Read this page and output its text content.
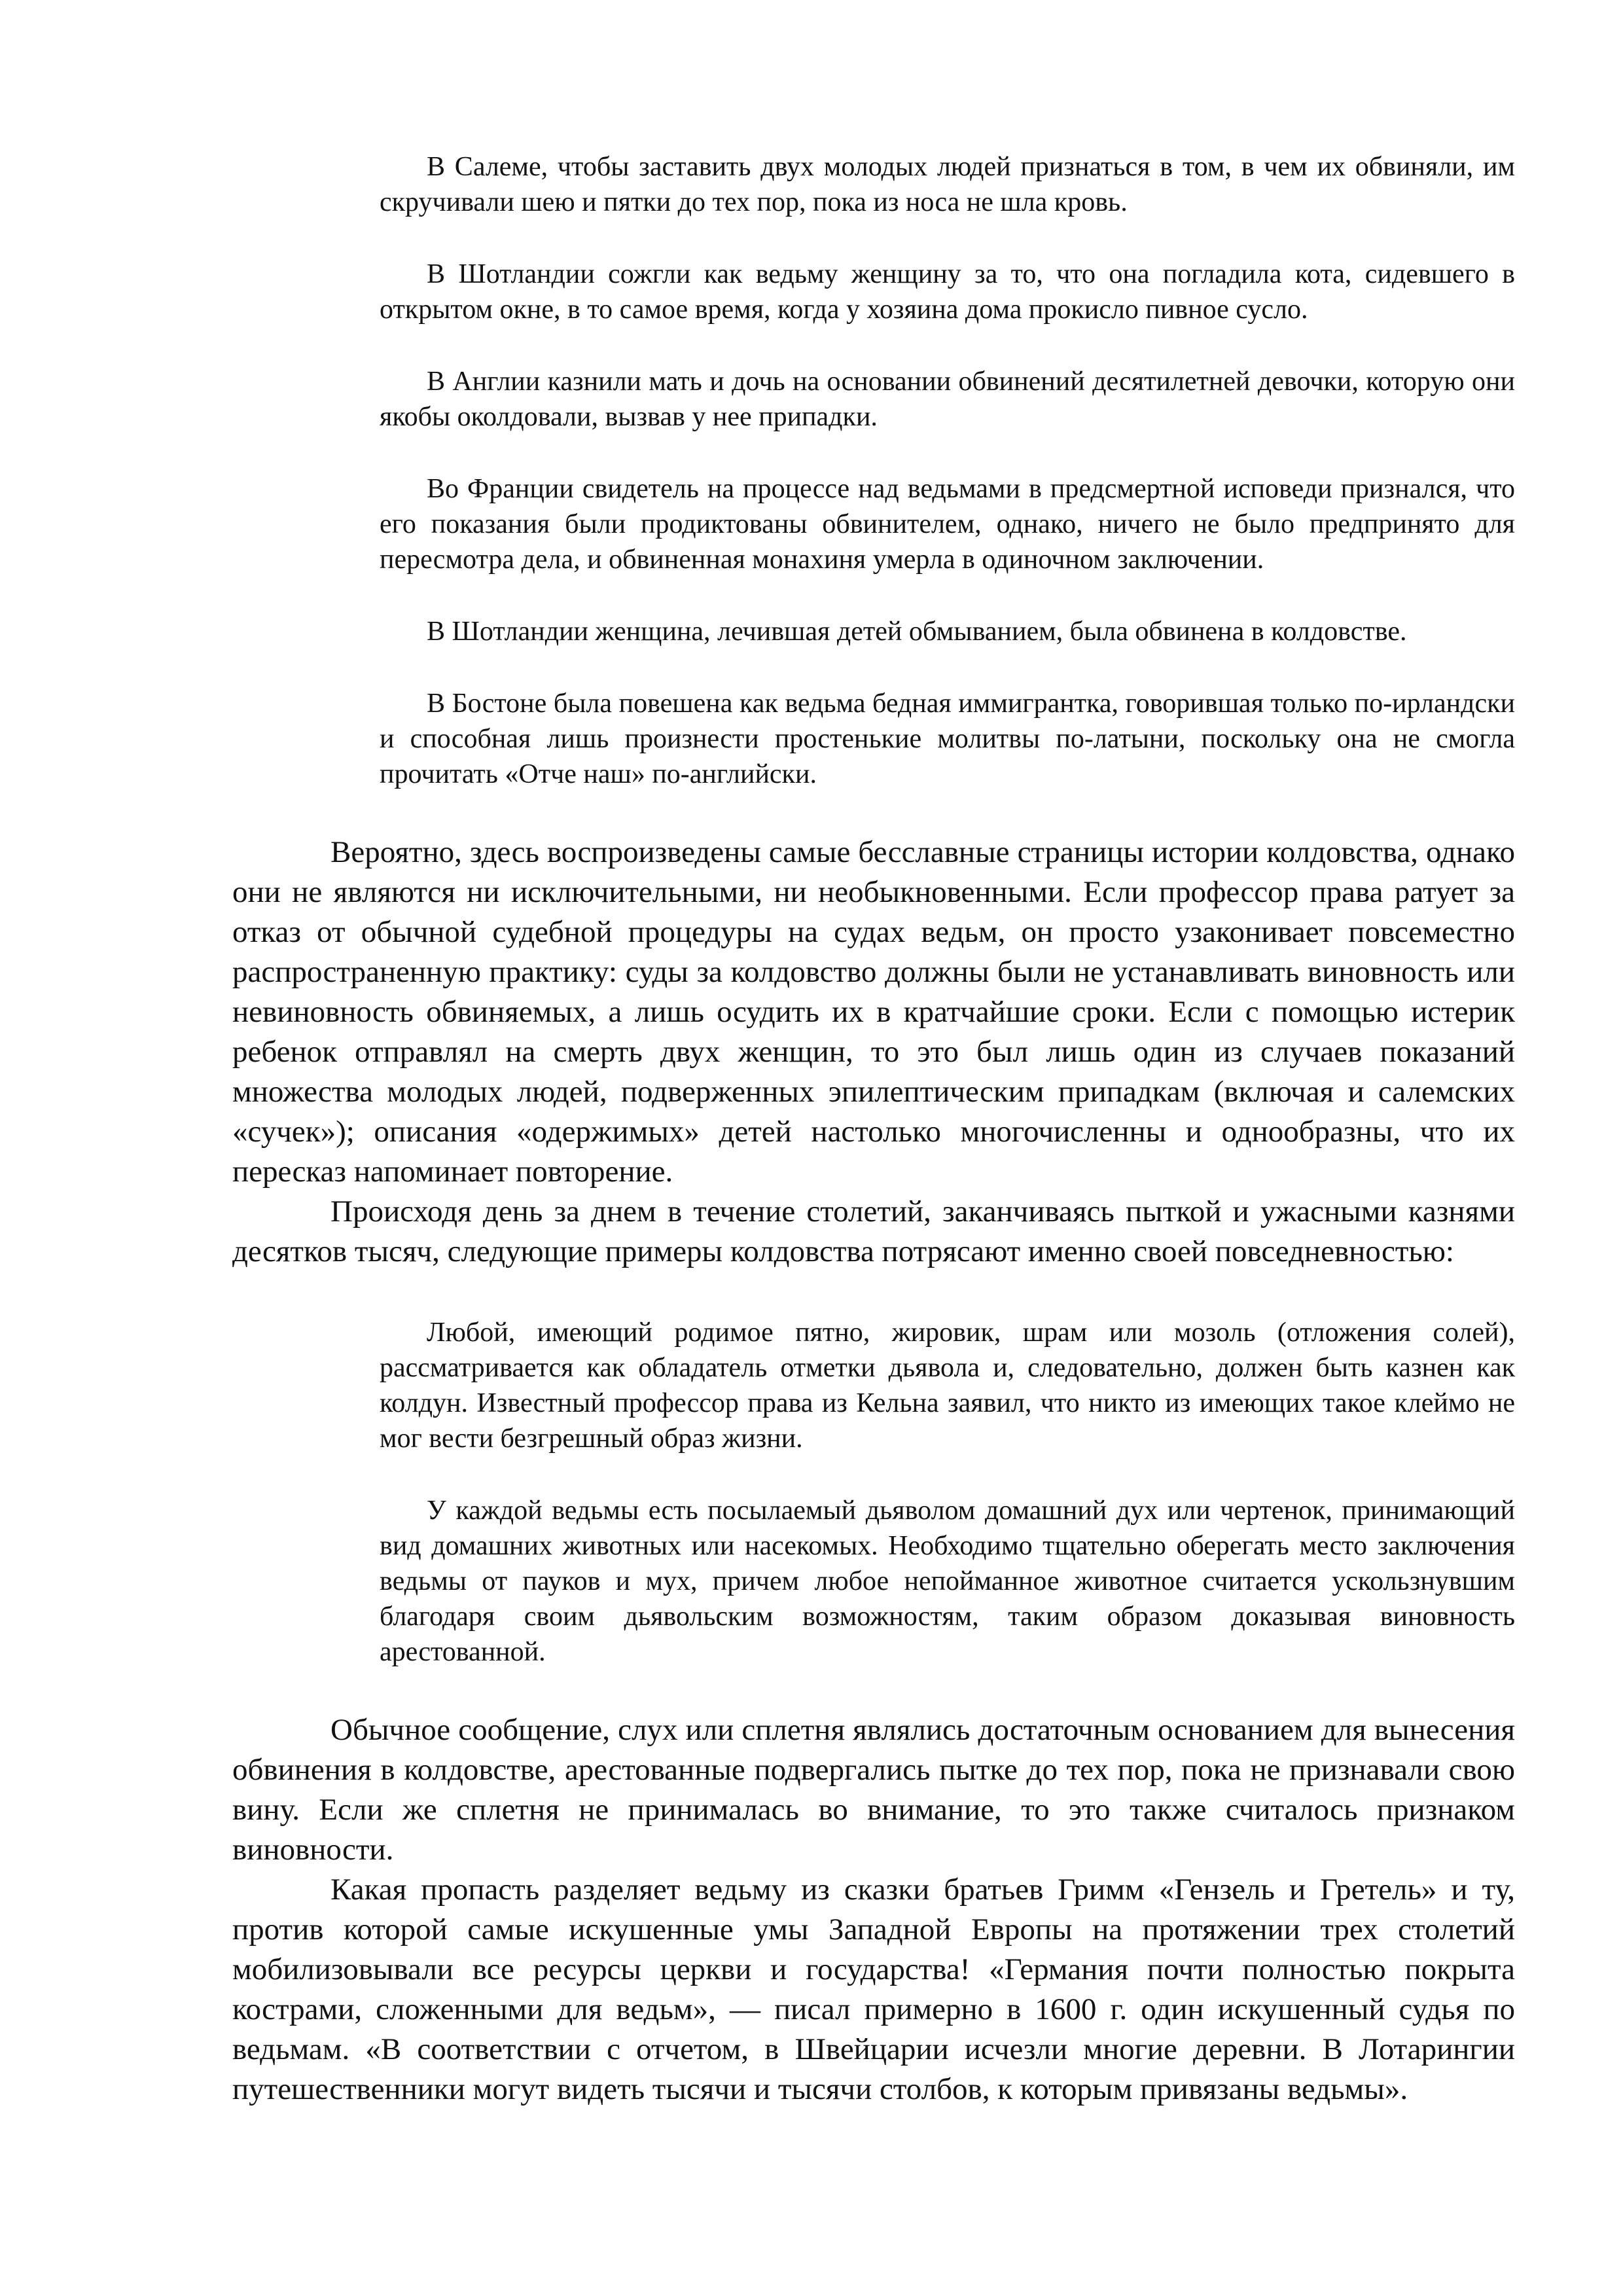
В Салеме, чтобы заставить двух молодых людей признаться в том, в чем их обвиняли, им скручивали шею и пятки до тех пор, пока из носа не шла кровь.

В Шотландии сожгли как ведьму женщину за то, что она погладила кота, сидевшего в открытом окне, в то самое время, когда у хозяина дома прокисло пивное сусло.

В Англии казнили мать и дочь на основании обвинений десятилетней девочки, которую они якобы околдовали, вызвав у нее припадки.

Во Франции свидетель на процессе над ведьмами в предсмертной исповеди признался, что его показания были продиктованы обвинителем, однако, ничего не было предпринято для пересмотра дела, и обвиненная монахиня умерла в одиночном заключении.

В Шотландии женщина, лечившая детей обмыванием, была обвинена в колдовстве.

В Бостоне была повешена как ведьма бедная иммигрантка, говорившая только по-ирландски и способная лишь произнести простенькие молитвы по-латыни, поскольку она не смогла прочитать «Отче наш» по-английски.

Вероятно, здесь воспроизведены самые бесславные страницы истории колдовства, однако они не являются ни исключительными, ни необыкновенными. Если профессор права ратует за отказ от обычной судебной процедуры на судах ведьм, он просто узаконивает повсеместно распространенную практику: суды за колдовство должны были не устанавливать виновность или невиновность обвиняемых, а лишь осудить их в кратчайшие сроки. Если с помощью истерик ребенок отправлял на смерть двух женщин, то это был лишь один из случаев показаний множества молодых людей, подверженных эпилептическим припадкам (включая и салемских «сучек»); описания «одержимых» детей настолько многочисленны и однообразны, что их пересказ напоминает повторение.

Происходя день за днем в течение столетий, заканчиваясь пыткой и ужасными казнями десятков тысяч, следующие примеры колдовства потрясают именно своей повседневностью:

Любой, имеющий родимое пятно, жировик, шрам или мозоль (отложения солей), рассматривается как обладатель отметки дьявола и, следовательно, должен быть казнен как колдун. Известный профессор права из Кельна заявил, что никто из имеющих такое клеймо не мог вести безгрешный образ жизни.

У каждой ведьмы есть посылаемый дьяволом домашний дух или чертенок, принимающий вид домашних животных или насекомых. Необходимо тщательно оберегать место заключения ведьмы от пауков и мух, причем любое непойманное животное считается ускользнувшим благодаря своим дьявольским возможностям, таким образом доказывая виновность арестованной.

Обычное сообщение, слух или сплетня являлись достаточным основанием для вынесения обвинения в колдовстве, арестованные подвергались пытке до тех пор, пока не признавали свою вину. Если же сплетня не принималась во внимание, то это также считалось признаком виновности.

Какая пропасть разделяет ведьму из сказки братьев Гримм «Гензель и Гретель» и ту, против которой самые искушенные умы Западной Европы на протяжении трех столетий мобилизовывали все ресурсы церкви и государства! «Германия почти полностью покрыта кострами, сложенными для ведьм», — писал примерно в 1600 г. один искушенный судья по ведьмам. «В соответствии с отчетом, в Швейцарии исчезли многие деревни. В Лотарингии путешественники могут видеть тысячи и тысячи столбов, к которым привязаны ведьмы».
